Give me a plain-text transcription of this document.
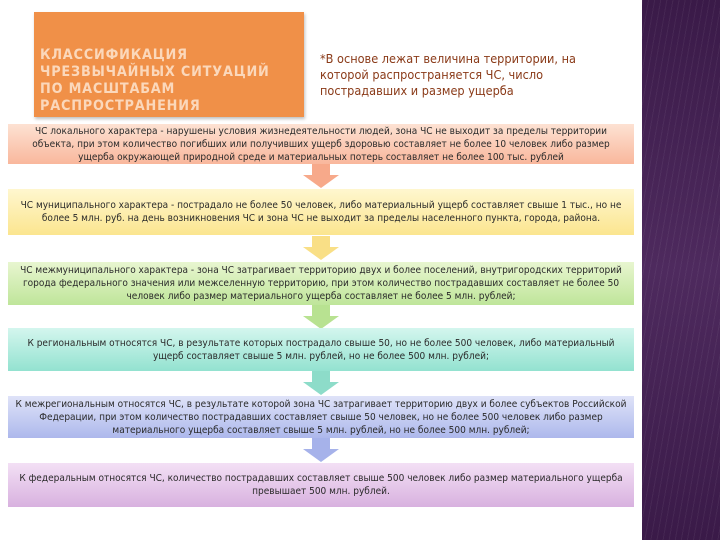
КЛАССИФИКАЦИЯ ЧРЕЗВЫЧАЙНЫХ СИТУАЦИЙ ПО МАСШТАБАМ РАСПРОСТРАНЕНИЯ
*В основе лежат величина территории, на которой распространяется ЧС, число пострадавших и размер ущерба
ЧС локального характера - нарушены условия жизнедеятельности людей, зона ЧС не выходит за пределы территории объекта, при этом количество погибших или получивших ущерб здоровью составляет не более 10 человек либо размер ущерба окружающей природной среде и материальных потерь составляет не более 100 тыс. рублей
ЧС муниципального характера - пострадало не более 50 человек, либо материальный ущерб составляет свыше 1 тыс., но не более 5 млн. руб. на день возникновения ЧС и зона ЧС не выходит за пределы населенного пункта, города, района.
ЧС межмуниципального характера - зона ЧС затрагивает территорию двух и более поселений, внутригородских территорий города федерального значения или межселенную территорию, при этом количество пострадавших составляет не более 50 человек либо размер материального ущерба составляет не более 5 млн. рублей;
К региональным относятся ЧС, в результате которых пострадало свыше 50, но не более 500 человек, либо материальный ущерб составляет свыше 5 млн. рублей, но не более 500 млн. рублей;
К межрегиональным относятся ЧС, в результате которой зона ЧС затрагивает территорию двух и более субъектов Российской Федерации, при этом количество пострадавших составляет свыше 50 человек, но не более 500 человек либо размер материального ущерба составляет свыше 5 млн. рублей, но не более 500 млн. рублей;
К федеральным относятся ЧС, количество пострадавших составляет свыше 500 человек либо размер материального ущерба превышает 500 млн. рублей.
